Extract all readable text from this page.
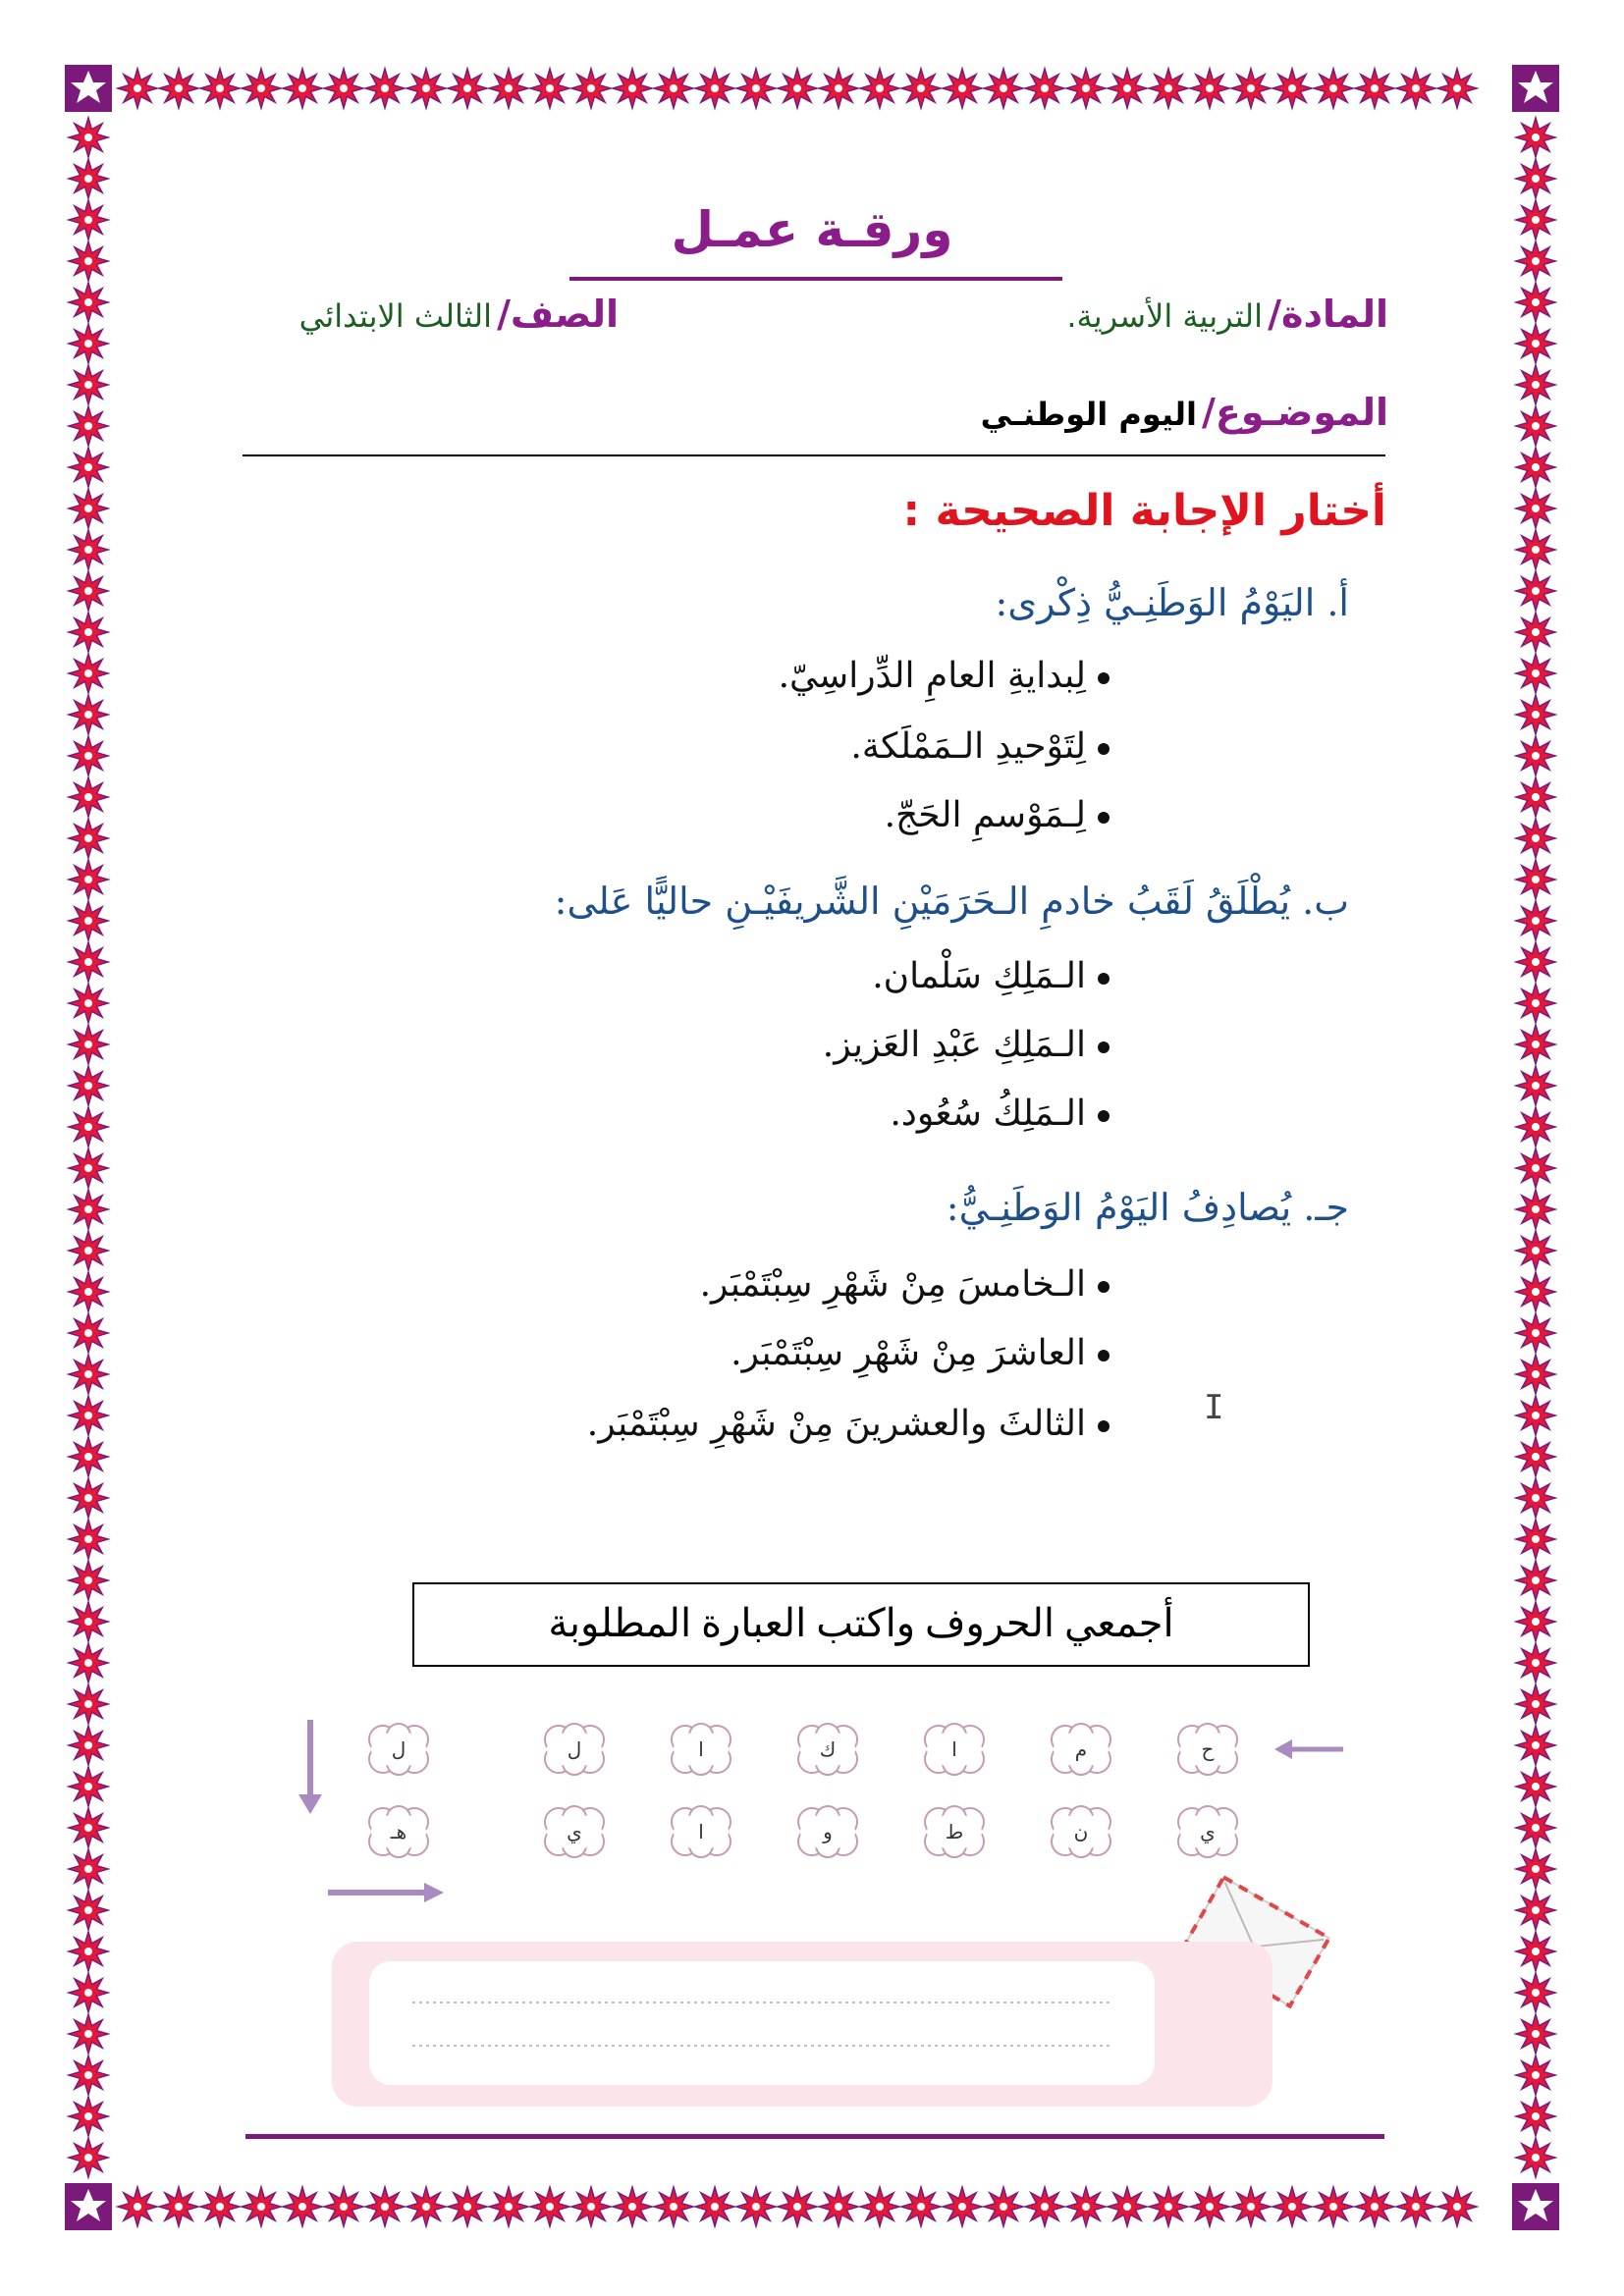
ورقـة عمـل
المادة/ التربية الأسرية.
الصف/ الثالث الابتدائي
الموضـوع/ اليوم الوطنـي
أختار الإجابة الصحيحة :
أ. اليَوْمُ الوَطَنِـيُّ ذِكْرى:
لِبدايةِ العامِ الدِّراسِيّ.
لِتَوْحيدِ الـمَمْلَكة.
لِـمَوْسمِ الحَجّ.
ب. يُطْلَقُ لَقَبُ خادمِ الـحَرَمَيْنِ الشَّريفَيْـنِ حاليًّا عَلى:
الـمَلِكِ سَلْمان.
الـمَلِكِ عَبْدِ العَزيز.
الـمَلِكُ سُعُود.
جـ. يُصادِفُ اليَوْمُ الوَطَنِـيُّ:
الـخامسَ مِنْ شَهْرِ سِبْتَمْبَر.
العاشرَ مِنْ شَهْرِ سِبْتَمْبَر.
الثالثَ والعشرينَ مِنْ شَهْرِ سِبْتَمْبَر.	I
أجمعي الحروف واكتب العبارة المطلوبة
ح
م
ا
ك
ا
ل
ل
ي
ن
ط
و
ا
ي
هـ
